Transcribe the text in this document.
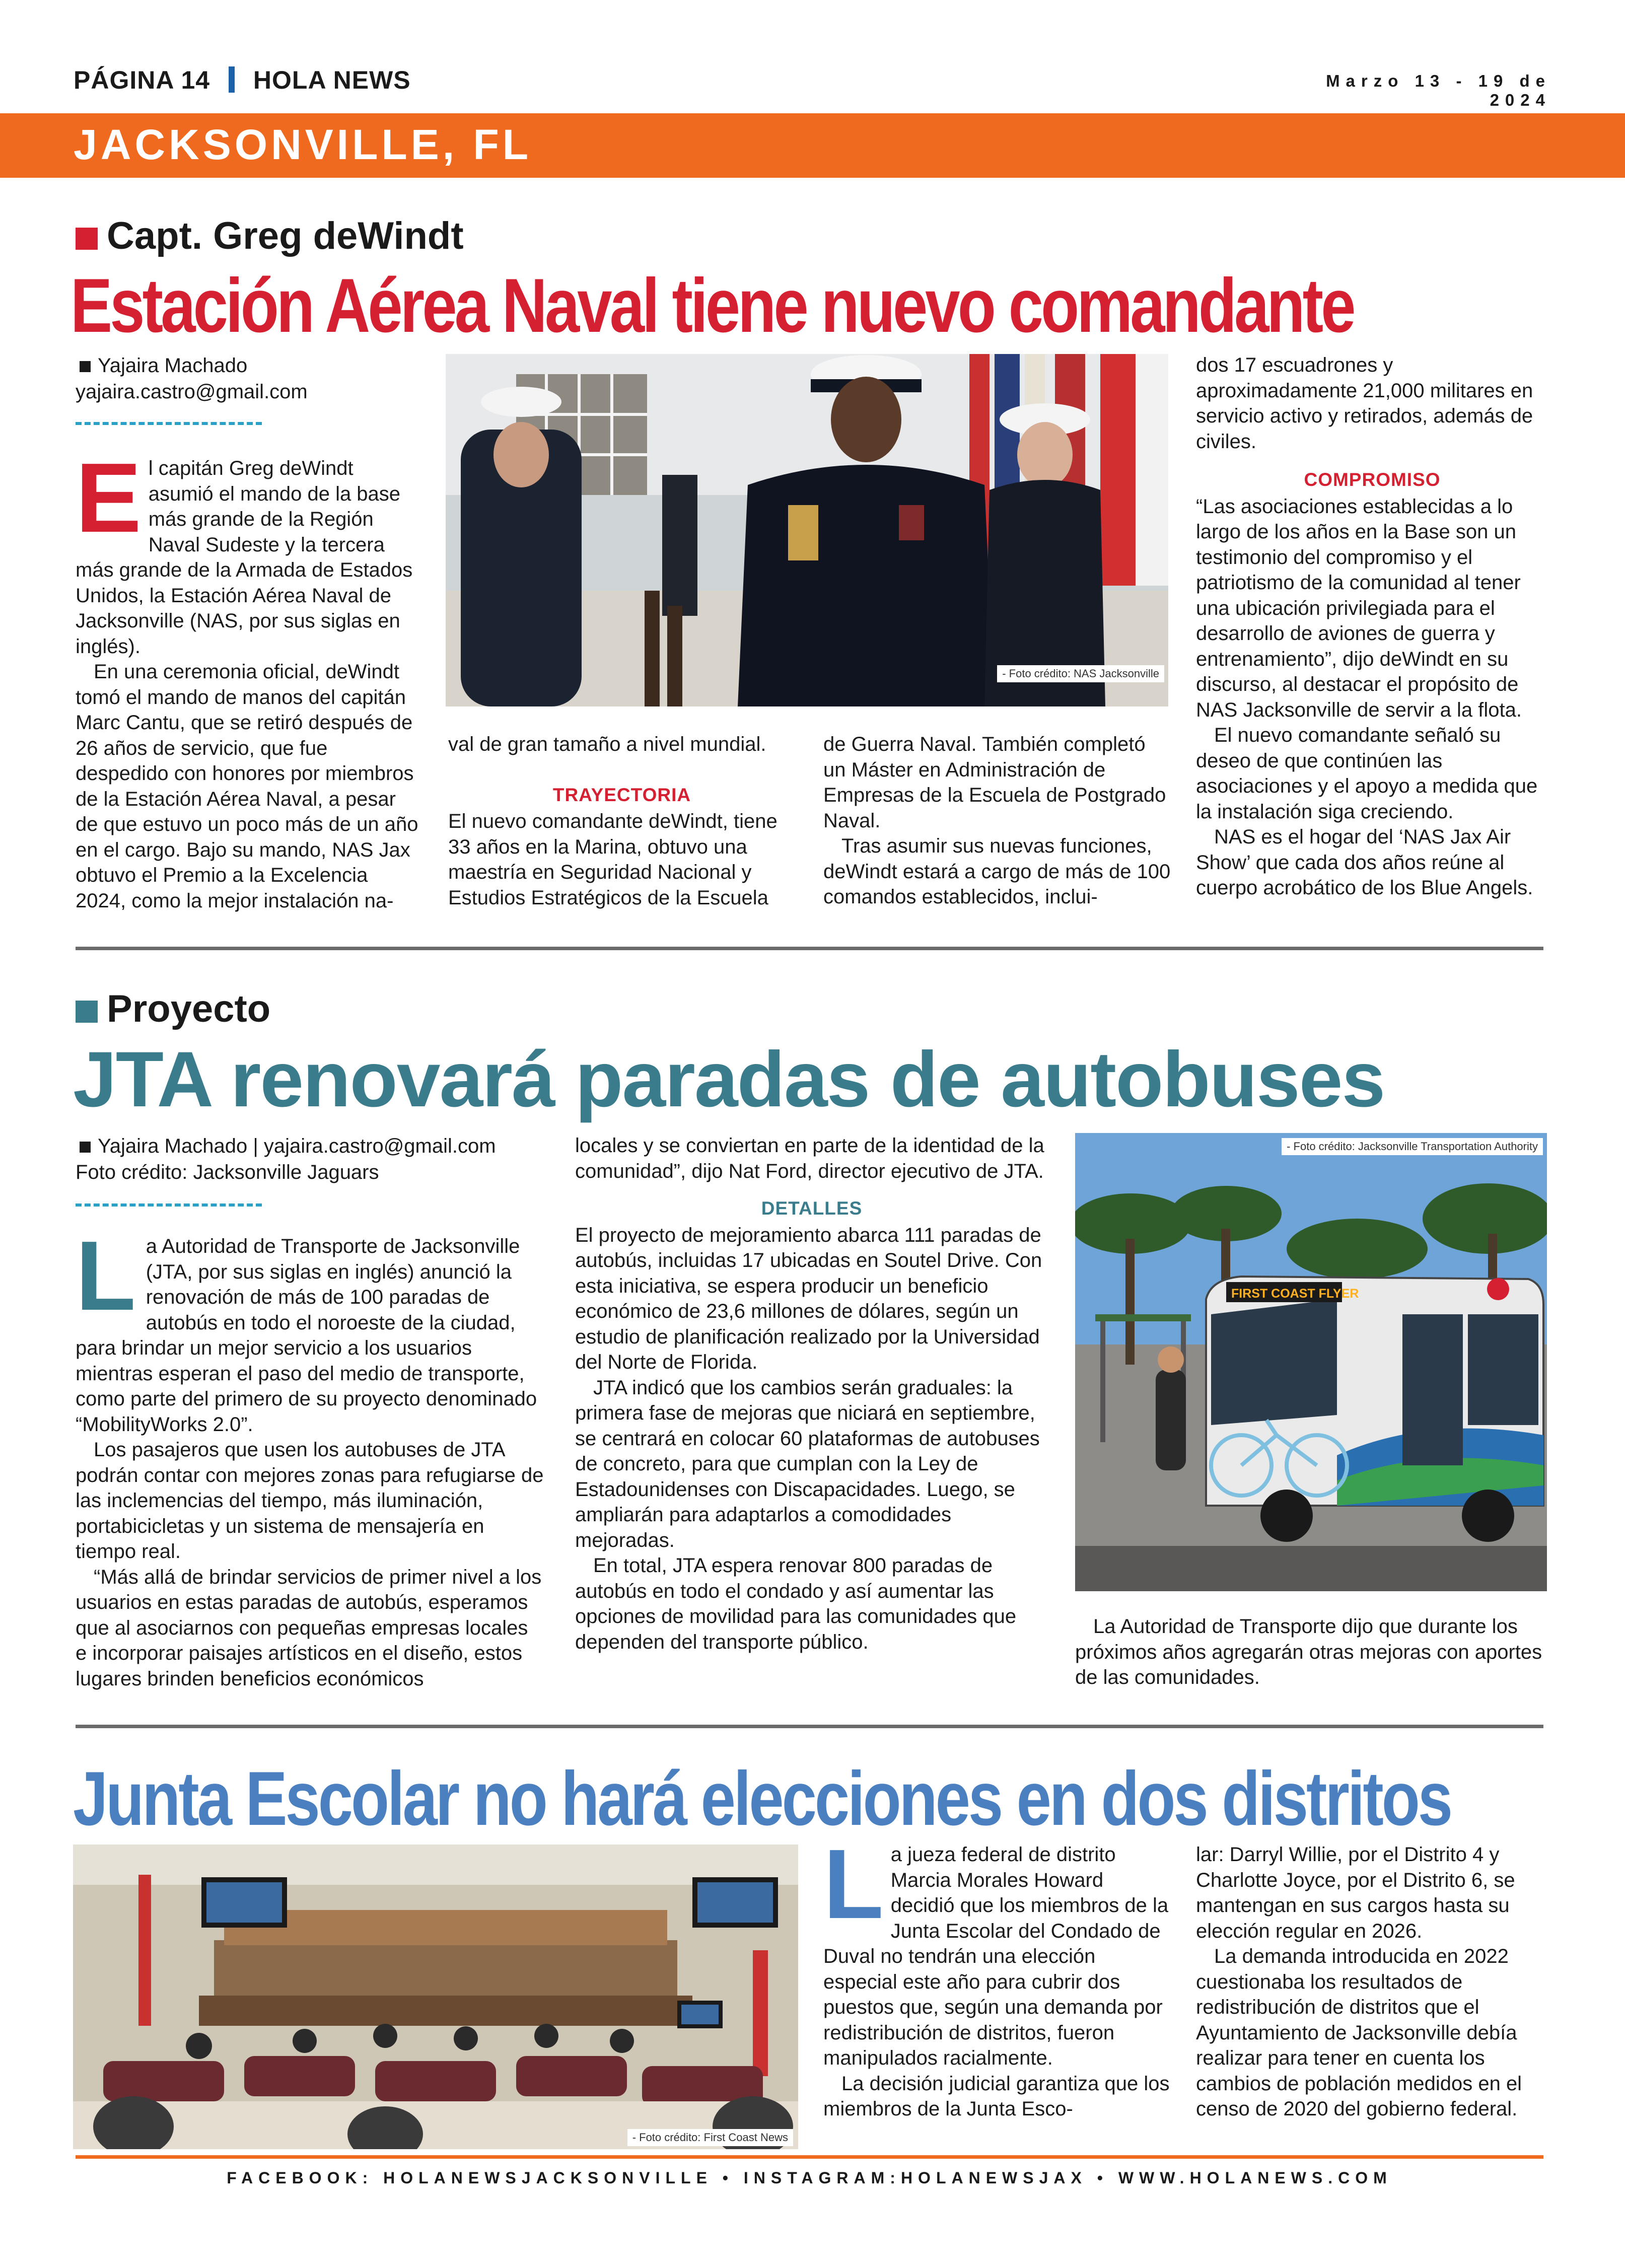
PÁGINA 14 HOLA NEWS	Marzo 13 - 19 de 2024
JACKSONVILLE, FL
Capt. Greg deWindt
Estación Aérea Naval tiene nuevo comandante
Yajaira Machado
yajaira.castro@gmail.com
- Foto crédito: NAS Jacksonville

El capitán Greg deWindt asumió el mando de la base más grande de la Región Naval Sudeste y la tercera más grande de la Armada de Estados Unidos, la Estación Aérea Naval de Jacksonville (NAS, por sus siglas en inglés).

En una ceremonia oficial, deWindt tomó el mando de manos del capitán Marc Cantu, que se retiró después de 26 años de servicio, que fue despedido con honores por miembros de la Estación Aérea Naval, a pesar de que estuvo un poco más de un año en el cargo. Bajo su mando, NAS Jax obtuvo el Premio a la Excelencia 2024, como la mejor instalación na-

val de gran tamaño a nivel mundial.

TRAYECTORIA

El nuevo comandante deWindt, tiene 33 años en la Marina, obtuvo una maestría en Seguridad Nacional y Estudios Estratégicos de la Escuela

de Guerra Naval. También completó un Máster en Administración de Empresas de la Escuela de Postgrado Naval.

Tras asumir sus nuevas funciones, deWindt estará a cargo de más de 100 comandos establecidos, inclui-

dos 17 escuadrones y aproximadamente 21,000 militares en servicio activo y retirados, además de civiles.

COMPROMISO

“Las asociaciones establecidas a lo largo de los años en la Base son un testimonio del compromiso y el patriotismo de la comunidad al tener una ubicación privilegiada para el desarrollo de aviones de guerra y entrenamiento”, dijo deWindt en su discurso, al destacar el propósito de NAS Jacksonville de servir a la flota.

El nuevo comandante señaló su deseo de que continúen las asociaciones y el apoyo a medida que la instalación siga creciendo.

NAS es el hogar del ‘NAS Jax Air Show’ que cada dos años reúne al cuerpo acrobático de los Blue Angels.

Proyecto
JTA renovará paradas de autobuses
Yajaira Machado | yajaira.castro@gmail.com
Foto crédito: Jacksonville Jaguars

La Autoridad de Transporte de Jacksonville (JTA, por sus siglas en inglés) anunció la renovación de más de 100 paradas de autobús en todo el noroeste de la ciudad, para brindar un mejor servicio a los usuarios mientras esperan el paso del medio de transporte, como parte del primero de su proyecto denominado “MobilityWorks 2.0”.

Los pasajeros que usen los autobuses de JTA podrán contar con mejores zonas para refugiarse de las inclemencias del tiempo, más iluminación, portabicicletas y un sistema de mensajería en tiempo real.

“Más allá de brindar servicios de primer nivel a los usuarios en estas paradas de autobús, esperamos que al asociarnos con pequeñas empresas locales e incorporar paisajes artísticos en el diseño, estos lugares brinden beneficios económicos

locales y se conviertan en parte de la identidad de la comunidad”, dijo Nat Ford, director ejecutivo de JTA.

DETALLES

El proyecto de mejoramiento abarca 111 paradas de autobús, incluidas 17 ubicadas en Soutel Drive. Con esta iniciativa, se espera producir un beneficio económico de 23,6 millones de dólares, según un estudio de planificación realizado por la Universidad del Norte de Florida.

JTA indicó que los cambios serán graduales: la primera fase de mejoras que niciará en septiembre, se centrará en colocar 60 plataformas de autobuses de concreto, para que cumplan con la Ley de Estadounidenses con Discapacidades. Luego, se ampliarán para adaptarlos a comodidades mejoradas.

En total, JTA espera renovar 800 paradas de autobús en todo el condado y así aumentar las opciones de movilidad para las comunidades que dependen del transporte público.

FIRST COAST FLYER
- Foto crédito: Jacksonville Transportation Authority

La Autoridad de Transporte dijo que durante los próximos años agregarán otras mejoras con aportes de las comunidades.

Junta Escolar no hará elecciones en dos distritos
- Foto crédito: First Coast News

La jueza federal de distrito Marcia Morales Howard decidió que los miembros de la Junta Escolar del Condado de Duval no tendrán una elección especial este año para cubrir dos puestos que, según una demanda por redistribución de distritos, fueron manipulados racialmente.

La decisión judicial garantiza que los miembros de la Junta Esco-

lar: Darryl Willie, por el Distrito 4 y Charlotte Joyce, por el Distrito 6, se mantengan en sus cargos hasta su elección regular en 2026.

La demanda introducida en 2022 cuestionaba los resultados de redistribución de distritos que el Ayuntamiento de Jacksonville debía realizar para tener en cuenta los cambios de población medidos en el censo de 2020 del gobierno federal.

FACEBOOK: HOLANEWSJACKSONVILLE • INSTAGRAM:HOLANEWSJAX • WWW.HOLANEWS.COM
